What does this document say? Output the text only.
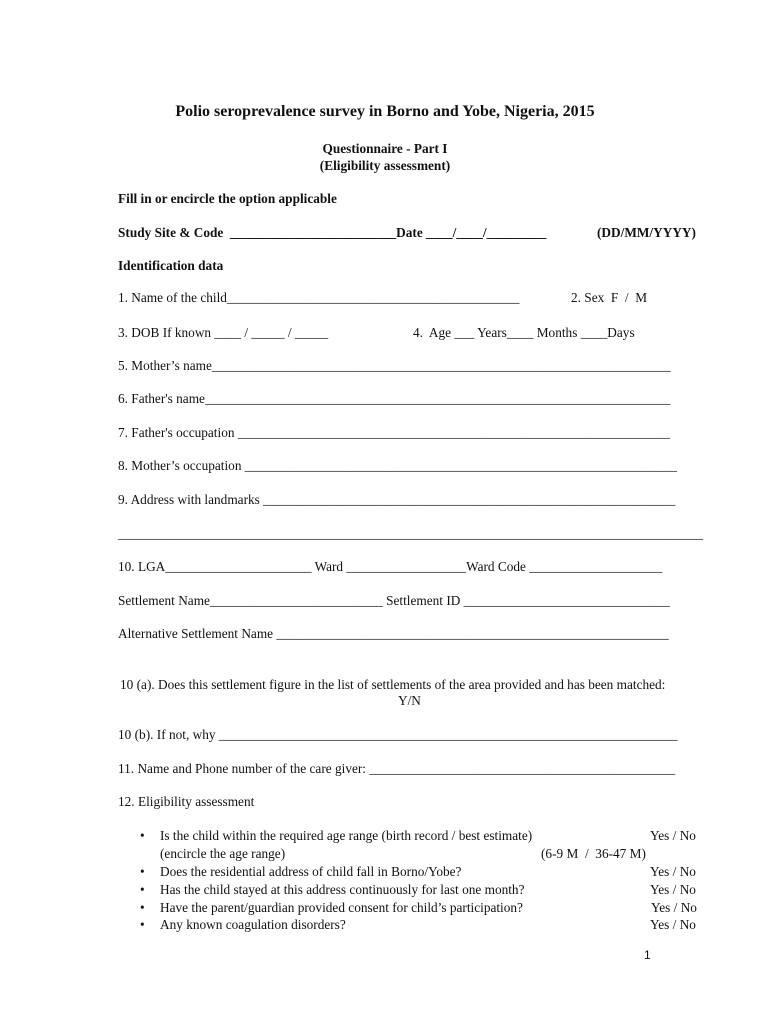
Polio seroprevalence survey in Borno and Yobe, Nigeria, 2015
Questionnaire - Part I
(Eligibility assessment)
Fill in or encircle the option applicable
Study Site & Code  _________________________Date ____/____/_________	(DD/MM/YYYY)
Identification data
1. Name of the child____________________________________________	2. Sex  F  /  M
3. DOB If known ____ / _____ / _____	4.  Age ___ Years____ Months ____Days
5. Mother’s name_____________________________________________________________________
6. Father's name______________________________________________________________________
7. Father's occupation _________________________________________________________________
8. Mother’s occupation _________________________________________________________________
9. Address with landmarks ______________________________________________________________
________________________________________________________________________________________
10. LGA______________________ Ward __________________Ward Code ____________________
Settlement Name__________________________ Settlement ID _______________________________
Alternative Settlement Name ___________________________________________________________
10 (a). Does this settlement figure in the list of settlements of the area provided and has been matched:
Y/N
10 (b). If not, why _____________________________________________________________________
11. Name and Phone number of the care giver: ______________________________________________
12. Eligibility assessment
• Is the child within the required age range (birth record / best estimate)	Yes / No
(encircle the age range)	(6-9 M  /  36-47 M)
• Does the residential address of child fall in Borno/Yobe?	Yes / No
• Has the child stayed at this address continuously for last one month?	Yes / No
• Have the parent/guardian provided consent for child’s participation?	Yes / No
• Any known coagulation disorders?	Yes / No
1
